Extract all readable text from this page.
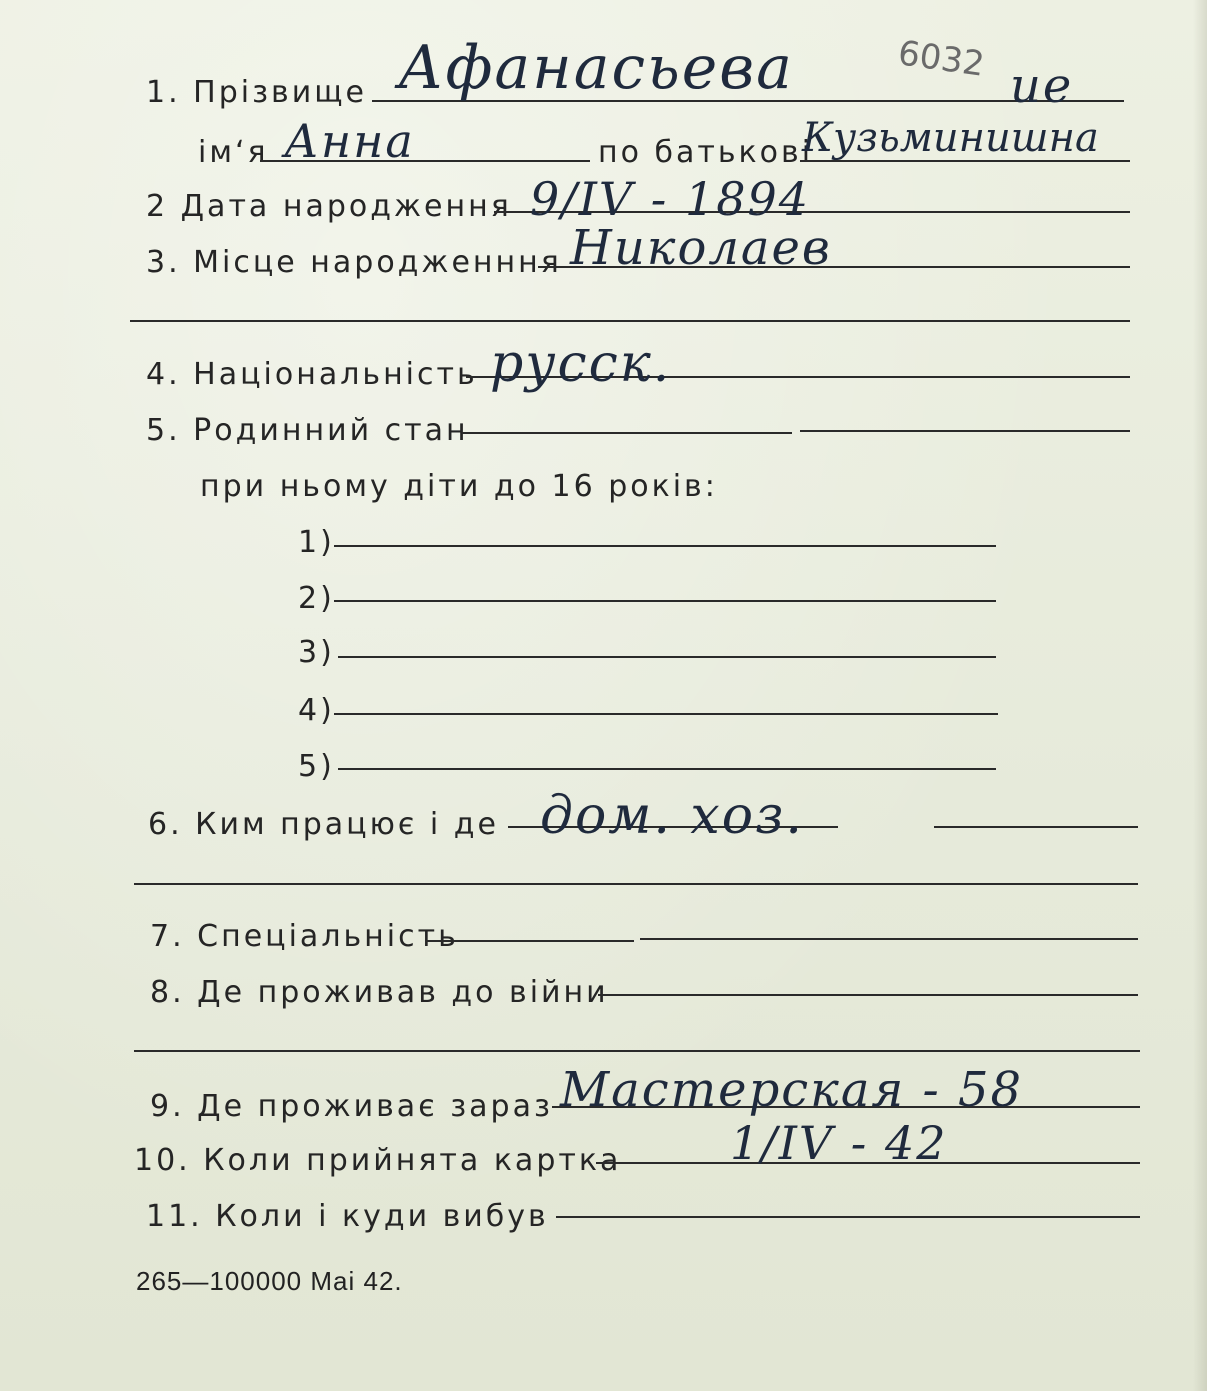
1. Прізвище Афанасьева	6032 ие
ім‘я Анна	по батькові
Кузьминишна
2 Дата народження 9/IV - 1894
3. Місце народженння Николаев
4. Національність русск.
5. Родинний стан
при ньому діти до 16 років:
1)
2)
3)
4)
5)
6. Ким працює і де дом. хоз.
7. Спеціальність
8. Де проживав до війни
9. Де проживає зараз Мастерская - 58
10. Коли прийнята картка 1/IV - 42
11. Коли і куди вибув
265—100000 Mai 42.
